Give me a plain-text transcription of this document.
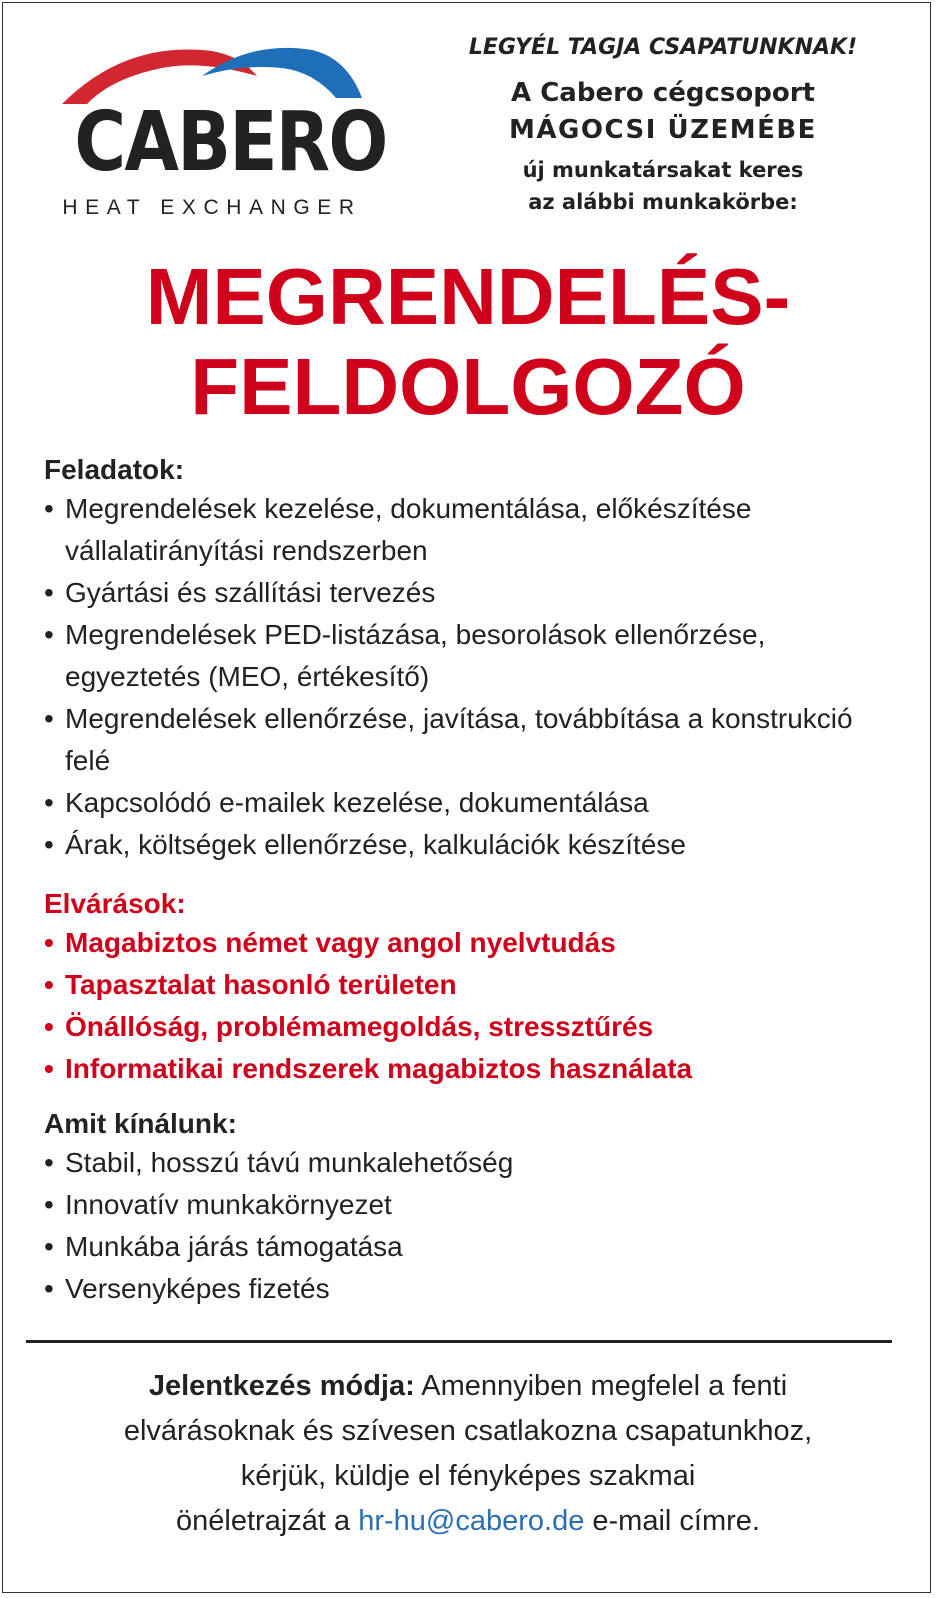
CABERO
HEAT EXCHANGER
LEGYÉL TAGJA CSAPATUNKNAK!
A Cabero cégcsoport
MÁGOCSI ÜZEMÉBE
új munkatársakat keres
az alábbi munkakörbe:
MEGRENDELÉS-
FELDOLGOZÓ

Feladatok:

• Megrendelések kezelése, dokumentálása, előkészítése vállalatirányítási rendszerben
• Gyártási és szállítási tervezés
• Megrendelések PED-listázása, besorolások ellenőrzése, egyeztetés (MEO, értékesítő)
• Megrendelések ellenőrzése, javítása, továbbítása a konstrukció felé
• Kapcsolódó e-mailek kezelése, dokumentálása
• Árak, költségek ellenőrzése, kalkulációk készítése

Elvárások:

• Magabiztos német vagy angol nyelvtudás
• Tapasztalat hasonló területen
• Önállóság, problémamegoldás, stressztűrés
• Informatikai rendszerek magabiztos használata

Amit kínálunk:

• Stabil, hosszú távú munkalehetőség
• Innovatív munkakörnyezet
• Munkába járás támogatása
• Versenyképes fizetés
Jelentkezés módja: Amennyiben megfelel a fenti
elvárásoknak és szívesen csatlakozna csapatunkhoz,
kérjük, küldje el fényképes szakmai
önéletrajzát a hr-hu@cabero.de e-mail címre.
